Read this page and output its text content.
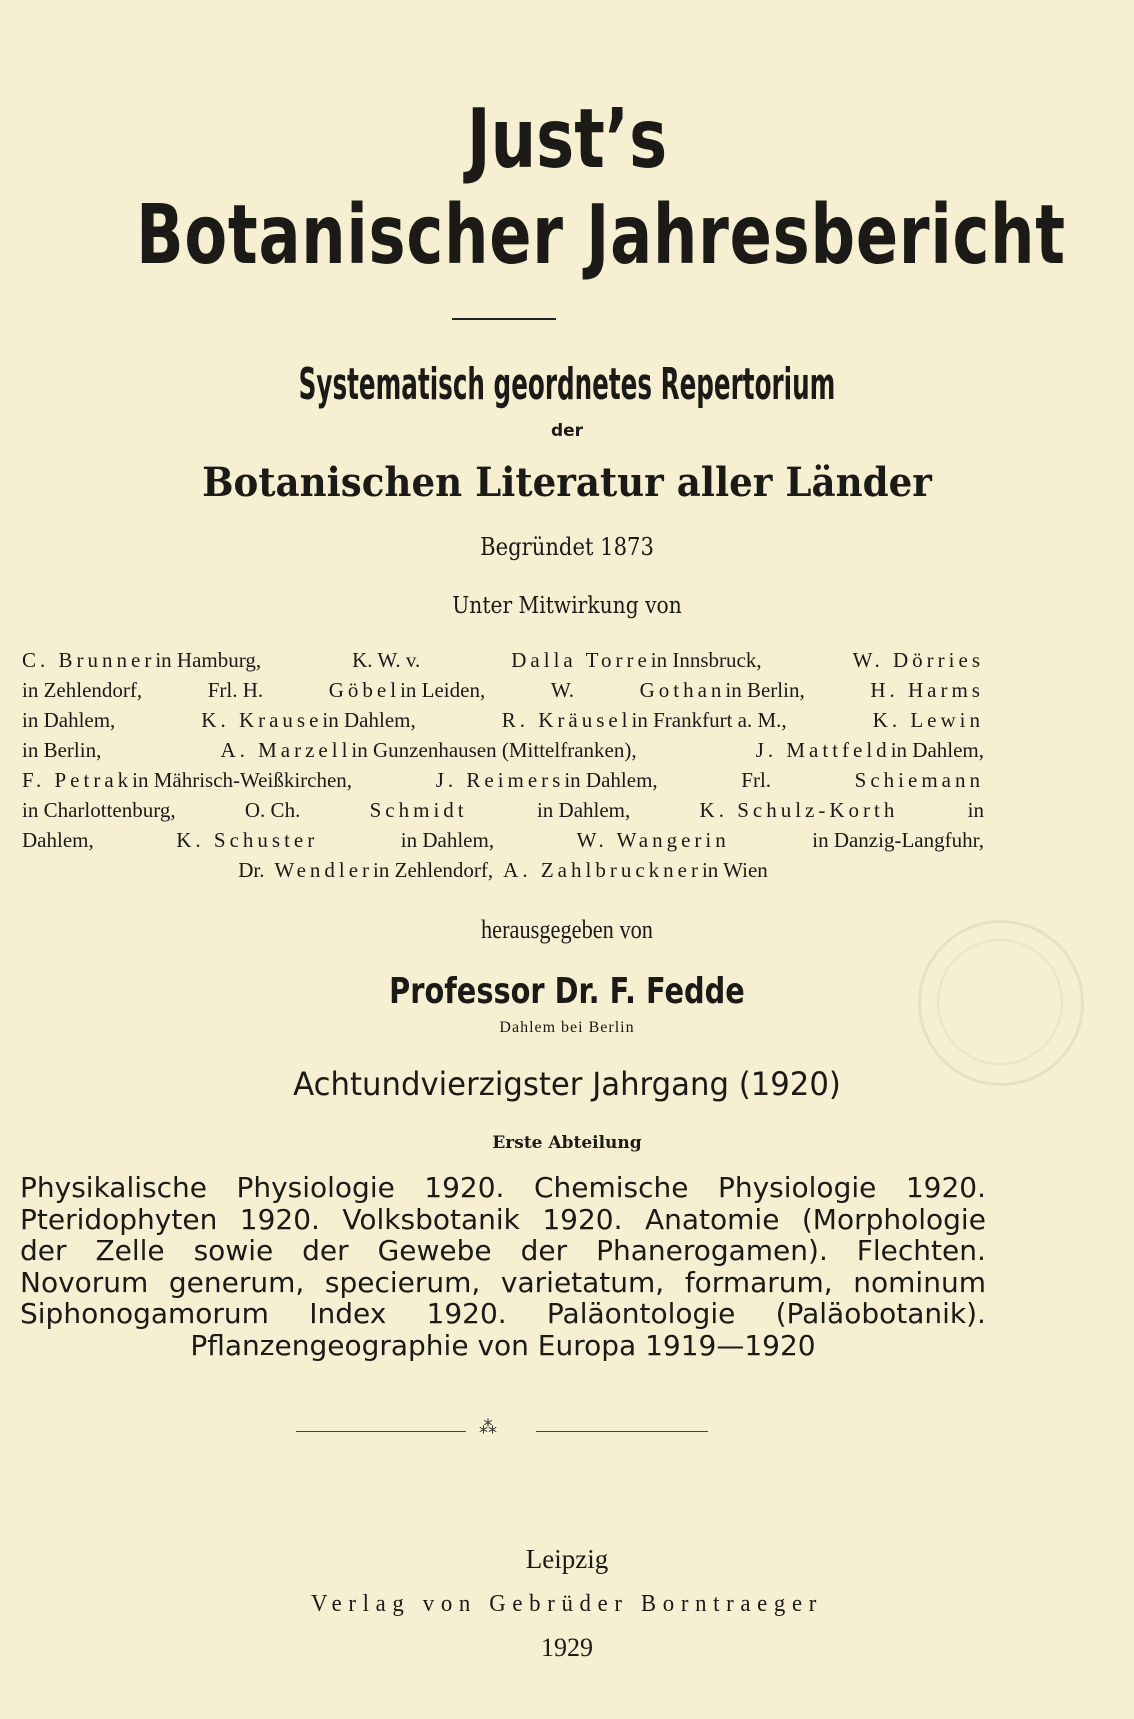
Just’s
Botanischer Jahresbericht
Systematisch geordnetes Repertorium
der
Botanischen Literatur aller Länder
Begründet 1873
Unter Mitwirkung von
C. Brunnerin Hamburg,	K. W. v.	Dalla Torrein Innsbruck,	W. Dörries
in Zehlendorf,	Frl. H.	Göbelin Leiden,	W.	Gothanin Berlin,	H. Harms
in Dahlem,	K. Krausein Dahlem,	R. Kräuselin Frankfurt a. M.,	K. Lewin
in Berlin,	A. Marzellin Gunzenhausen (Mittelfranken),	J. Mattfeldin Dahlem,
F. Petrakin Mährisch-Weißkirchen,	J. Reimersin Dahlem,	Frl.	Schiemann
in Charlottenburg,	O. Ch.	Schmidt	in Dahlem,	K. Schulz-Korth	in
Dahlem,	K. Schuster	in Dahlem,	W. Wangerin	in Danzig-Langfuhr,
Dr. Wendlerin Zehlendorf, A. Zahlbrucknerin Wien
herausgegeben von
Professor Dr. F. Fedde
Dahlem bei Berlin
Achtundvierzigster Jahrgang (1920)
Erste Abteilung
Physikalische Physiologie 1920. Chemische Physiologie 1920.
Pteridophyten 1920. Volksbotanik 1920. Anatomie (Morphologie
der Zelle sowie der Gewebe der Phanerogamen). Flechten.
Novorum generum, specierum, varietatum, formarum, nominum
Siphonogamorum Index 1920. Paläontologie (Paläobotanik).
Pflanzengeographie von Europa 1919—1920
⁂
Leipzig
Verlag von Gebrüder Borntraeger
1929
